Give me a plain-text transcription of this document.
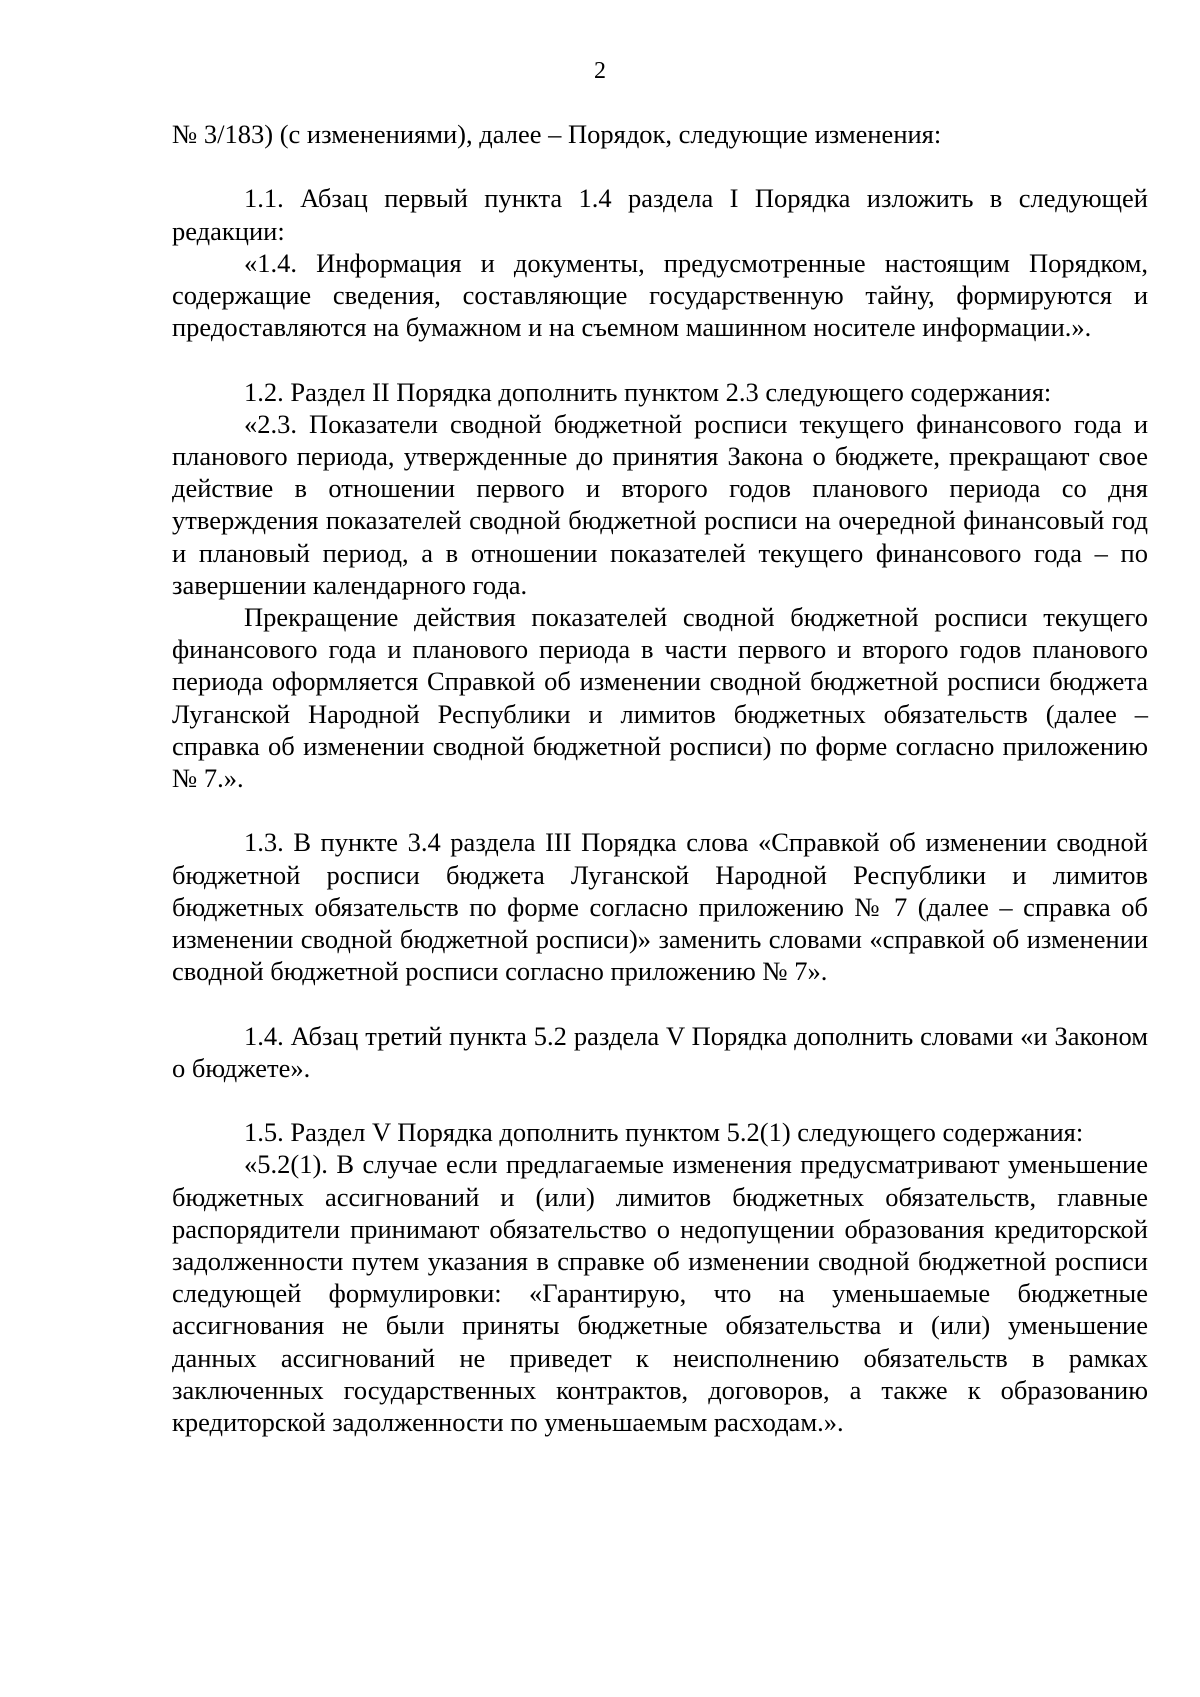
2

№ 3/183) (с изменениями), далее – Порядок, следующие изменения:

1.1. Абзац первый пункта 1.4 раздела I Порядка изложить в следующей редакции:

«1.4. Информация и документы, предусмотренные настоящим Порядком, содержащие сведения, составляющие государственную тайну, формируются и предоставляются на бумажном и на съемном машинном носителе информации.».

1.2. Раздел II Порядка дополнить пунктом 2.3 следующего содержания:

«2.3. Показатели сводной бюджетной росписи текущего финансового года и планового периода, утвержденные до принятия Закона о бюджете, прекращают свое действие в отношении первого и второго годов планового периода со дня утверждения показателей сводной бюджетной росписи на очередной финансовый год и плановый период, а в отношении показателей текущего финансового года – по завершении календарного года.

Прекращение действия показателей сводной бюджетной росписи текущего финансового года и планового периода в части первого и второго годов планового периода оформляется Справкой об изменении сводной бюджетной росписи бюджета Луганской Народной Республики и лимитов бюджетных обязательств (далее – справка об изменении сводной бюджетной росписи) по форме согласно приложению № 7.».

1.3. В пункте 3.4 раздела III Порядка слова «Справкой об изменении сводной бюджетной росписи бюджета Луганской Народной Республики и лимитов бюджетных обязательств по форме согласно приложению № 7 (далее – справка об изменении сводной бюджетной росписи)» заменить словами «справкой об изменении сводной бюджетной росписи согласно приложению № 7».

1.4. Абзац третий пункта 5.2 раздела V Порядка дополнить словами «и Законом о бюджете».

1.5. Раздел V Порядка дополнить пунктом 5.2(1) следующего содержания:

«5.2(1). В случае если предлагаемые изменения предусматривают уменьшение бюджетных ассигнований и (или) лимитов бюджетных обязательств, главные распорядители принимают обязательство о недопущении образования кредиторской задолженности путем указания в справке об изменении сводной бюджетной росписи следующей формулировки: «Гарантирую, что на уменьшаемые бюджетные ассигнования не были приняты бюджетные обязательства и (или) уменьшение данных ассигнований не приведет к неисполнению обязательств в рамках заключенных государственных контрактов, договоров, а также к образованию кредиторской задолженности по уменьшаемым расходам.».
